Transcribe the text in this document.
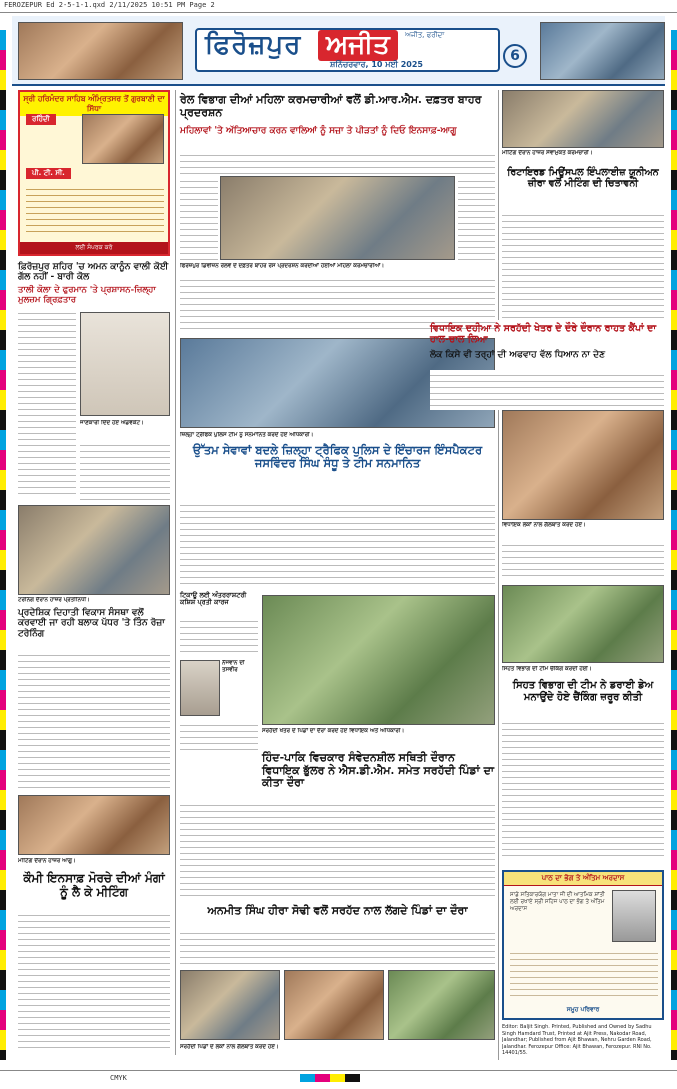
FEROZEPUR Ed 2-5-1-1.qxd 2/11/2025 10:51 PM Page 2
ਫਿਰੋਜ਼ਪੁਰ ਅਜੀਤ	ਅਜੀਤ, ਫਰੀਦਾ
ਸ਼ਨਿੱਚਰਵਾਰ, 10 ਮਈ 2025
6
ਸ੍ਰੀ ਹਰਿਮੰਦਰ ਸਾਹਿਬ ਅੰਮ੍ਰਿਤਸਰ ਤੋਂ ਗੁਰਬਾਣੀ ਦਾ ਸਿੱਧਾ
ਰਹਿੰਦੀ
ਪੀ. ਟੀ. ਸੀ.
ਲਈ ਸੰਪਰਕ ਕਰੋ
ਫ਼ਿਰੋਜ਼ਪੁਰ ਸ਼ਹਿਰ 'ਚ ਅਮਨ ਕਾਨੂੰਨ ਵਾਲੀ ਕੋਈ ਗੱਲ ਨਹੀਂ - ਬਾਰੀ ਕੋਲ
ਤਾਲੀ ਕੋਲਾ ਦੇ ਫੁਰਮਾਨ 'ਤੇ ਪ੍ਰਸ਼ਾਸਨ-ਜ਼ਿਲ੍ਹਾ ਮੁਲਜ਼ਮ ਗ੍ਰਿਫ਼ਤਾਰ
ਜਾਣਕਾਰੀ ਦਿੰਦੇ ਹੋਏ ਐਡਵੋਕੇਟ।
ਟਰੇਨਿੰਗ ਦੌਰਾਨ ਹਾਜ਼ਰ ਪ੍ਰਤੀਨਿਧੀ।
ਪ੍ਰਦੇਸ਼ਿਕ ਦਿਹਾਤੀ ਵਿਕਾਸ ਸੰਸਥਾ ਵਲੋਂ ਕਰਵਾਈ ਜਾ ਰਹੀ ਬਲਾਕ ਪੱਧਰ 'ਤੇ ਤਿੰਨ ਰੋਜ਼ਾ ਟਰੇਨਿੰਗ
ਮੀਟਿੰਗ ਦੌਰਾਨ ਹਾਜ਼ਰ ਆਗੂ।
ਕੌਮੀ ਇਨਸਾਫ਼ ਮੋਰਚੇ ਦੀਆਂ ਮੰਗਾਂ ਨੂੰ ਲੈ ਕੇ ਮੀਟਿੰਗ
ਰੇਲ ਵਿਭਾਗ ਦੀਆਂ ਮਹਿਲਾ ਕਰਮਚਾਰੀਆਂ ਵਲੋਂ ਡੀ.ਆਰ.ਐਮ. ਦਫ਼ਤਰ ਬਾਹਰ ਪ੍ਰਦਰਸ਼ਨ
ਮਹਿਲਾਵਾਂ 'ਤੇ ਅੱਤਿਆਚਾਰ ਕਰਨ ਵਾਲਿਆਂ ਨੂੰ ਸਜ਼ਾ ਤੇ ਪੀੜਤਾਂ ਨੂੰ ਦਿਓ ਇਨਸਾਫ਼-ਆਗੂ
ਫਿਰੋਜ਼ਪੁਰ ਡਿਵੀਜ਼ਨ ਰੇਲਵੇ ਦੇ ਦਫ਼ਤਰ ਬਾਹਰ ਰੋਸ ਪ੍ਰਦਰਸ਼ਨ ਕਰਦੀਆਂ ਹੋਈਆਂ ਮਹਿਲਾ ਕਰਮਚਾਰੀਆਂ।
ਜ਼ਿਲ੍ਹਾ ਟ੍ਰੈਫਿਕ ਪੁਲਿਸ ਟੀਮ ਨੂੰ ਸਨਮਾਨਿਤ ਕਰਦੇ ਹੋਏ ਅਧਿਕਾਰੀ।
ਉੱਤਮ ਸੇਵਾਵਾਂ ਬਦਲੇ ਜ਼ਿਲ੍ਹਾ ਟ੍ਰੈਫਿਕ ਪੁਲਿਸ ਦੇ ਇੰਚਾਰਜ ਇੰਸਪੈਕਟਰ ਜਸਵਿੰਦਰ ਸਿੰਘ ਸੰਧੂ ਤੇ ਟੀਮ ਸਨਮਾਨਿਤ
ਟਿਕਾਊ ਲਈ ਅੰਤਰਰਾਸ਼ਟਰੀ ਕਸ਼ਿਸ਼ ਪ੍ਰਤੀ ਕਾਰਜ
ਨੌਜਵਾਨ ਦੀ ਤਸਵੀਰ
ਸਰਹੱਦੀ ਖੇਤਰ ਦੇ ਪਿੰਡਾਂ ਦਾ ਦੌਰਾ ਕਰਦੇ ਹੋਏ ਵਿਧਾਇਕ ਅਤੇ ਅਧਿਕਾਰੀ।
ਹਿੰਦ-ਪਾਕਿ ਵਿਚਕਾਰ ਸੰਵੇਦਨਸ਼ੀਲ ਸਥਿਤੀ ਦੌਰਾਨ ਵਿਧਾਇਕ ਭੁੱਲਰ ਨੇ ਐਸ.ਡੀ.ਐਮ. ਸਮੇਤ ਸਰਹੱਦੀ ਪਿੰਡਾਂ ਦਾ ਕੀਤਾ ਦੌਰਾ
ਅਨਮੀਤ ਸਿੰਘ ਹੀਰਾ ਸੋਢੀ ਵਲੋਂ ਸਰਹੱਦ ਨਾਲ ਲੱਗਦੇ ਪਿੰਡਾਂ ਦਾ ਦੌਰਾ
ਸਰਹੱਦੀ ਪਿੰਡਾਂ ਦੇ ਲੋਕਾਂ ਨਾਲ ਗੱਲਬਾਤ ਕਰਦੇ ਹੋਏ।
ਮੀਟਿੰਗ ਦੌਰਾਨ ਹਾਜ਼ਰ ਸੇਵਾਮੁਕਤ ਕਰਮਚਾਰੀ।
ਰਿਟਾਇਰਡ ਮਿਊਂਸਪਲ ਇੰਪਲਾਈਜ਼ ਯੂਨੀਅਨ ਜ਼ੀਰਾ ਵਲੋਂ ਮੀਟਿੰਗ ਦੀ ਚਿਤਾਵਨੀ
ਵਿਧਾਇਕ ਦਹੀਆ ਨੇ ਸਰਹੱਦੀ ਖੇਤਰ ਦੇ ਦੌਰੇ ਦੌਰਾਨ ਰਾਹਤ ਕੈਂਪਾਂ ਦਾ ਹਾਲ-ਚਾਲ ਲਿਆ
ਲੋਕ ਕਿਸੇ ਵੀ ਤਰ੍ਹਾਂ ਦੀ ਅਫਵਾਹ ਵੱਲ ਧਿਆਨ ਨਾ ਦੇਣ
ਵਿਧਾਇਕ ਲੋਕਾਂ ਨਾਲ ਗੱਲਬਾਤ ਕਰਦੇ ਹੋਏ।
ਸਿਹਤ ਵਿਭਾਗ ਦੀ ਟੀਮ ਚੈਕਿੰਗ ਕਰਦੀ ਹੋਈ।
ਸਿਹਤ ਵਿਭਾਗ ਦੀ ਟੀਮ ਨੇ ਡਰਾਈ ਡੇਅ ਮਨਾਉਂਦੇ ਹੋਏ ਚੈਂਕਿੰਗ ਜ਼ਰੂਰ ਕੀਤੀ
ਪਾਠ ਦਾ ਭੋਗ ਤੇ ਅੰਤਿਮ ਅਰਦਾਸ
ਸਾਡੇ ਸਤਿਕਾਰਯੋਗ ਮਾਤਾ ਜੀ ਦੀ ਆਤਮਿਕ ਸ਼ਾਂਤੀ ਲਈ ਰਖਾਏ ਸ੍ਰੀ ਸਹਿਜ ਪਾਠ ਦਾ ਭੋਗ ਤੇ ਅੰਤਿਮ ਅਰਦਾਸ
ਸਮੂਹ ਪਰਿਵਾਰ
Editor: Baljit Singh. Printed, Published and Owned by Sadhu Singh Hamdard Trust, Printed at Ajit Press, Nakodar Road, Jalandhar; Published from Ajit Bhawan, Nehru Garden Road, Jalandhar. Ferozepur Office: Ajit Bhawan, Ferozepur. RNI No. 14401/55.
CMYK
